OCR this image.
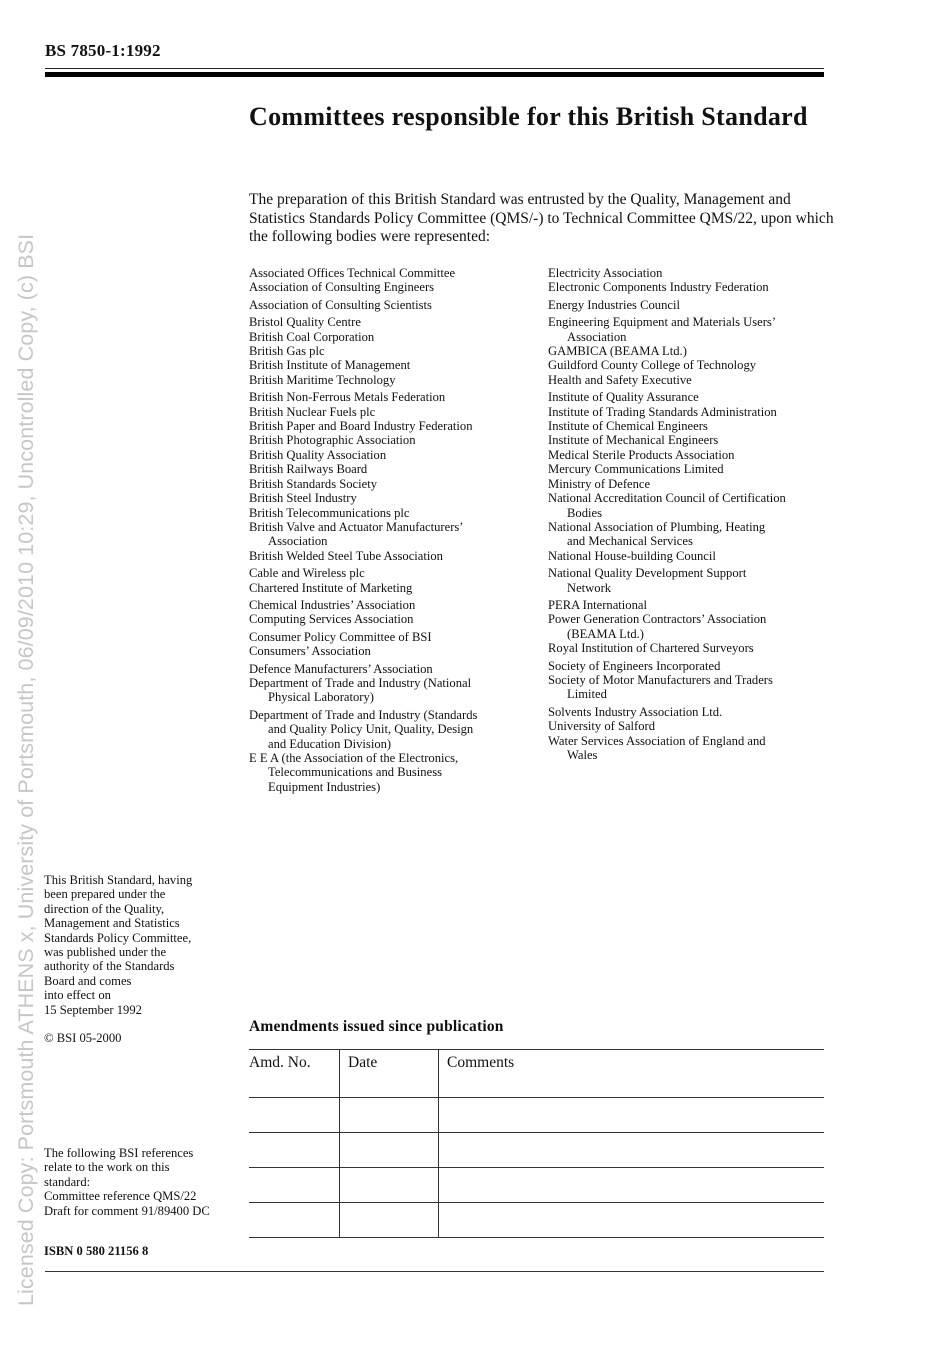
Licensed Copy: Portsmouth ATHENS x, University of Portsmouth, 06/09/2010 10:29, Uncontrolled Copy, (c) BSI
BS 7850-1:1992
Committees responsible for this British Standard

The preparation of this British Standard was entrusted by the Quality, Management and Statistics Standards Policy Committee (QMS/-) to Technical Committee QMS/22, upon which the following bodies were represented:

Associated Offices Technical Committee
Association of Consulting Engineers
Association of Consulting Scientists
Bristol Quality Centre
British Coal Corporation
British Gas plc
British Institute of Management
British Maritime Technology
British Non-Ferrous Metals Federation
British Nuclear Fuels plc
British Paper and Board Industry Federation
British Photographic Association
British Quality Association
British Railways Board
British Standards Society
British Steel Industry
British Telecommunications plc
British Valve and Actuator Manufacturers’
Association
British Welded Steel Tube Association
Cable and Wireless plc
Chartered Institute of Marketing
Chemical Industries’ Association
Computing Services Association
Consumer Policy Committee of BSI
Consumers’ Association
Defence Manufacturers’ Association
Department of Trade and Industry (National
Physical Laboratory)
Department of Trade and Industry (Standards
and Quality Policy Unit, Quality, Design
and Education Division)
E E A (the Association of the Electronics,
Telecommunications and Business
Equipment Industries)
Electricity Association
Electronic Components Industry Federation
Energy Industries Council
Engineering Equipment and Materials Users’
Association
GAMBICA (BEAMA Ltd.)
Guildford County College of Technology
Health and Safety Executive
Institute of Quality Assurance
Institute of Trading Standards Administration
Institute of Chemical Engineers
Institute of Mechanical Engineers
Medical Sterile Products Association
Mercury Communications Limited
Ministry of Defence
National Accreditation Council of Certification
Bodies
National Association of Plumbing, Heating
and Mechanical Services
National House-building Council
National Quality Development Support
Network
PERA International
Power Generation Contractors’ Association
(BEAMA Ltd.)
Royal Institution of Chartered Surveyors
Society of Engineers Incorporated
Society of Motor Manufacturers and Traders
Limited
Solvents Industry Association Ltd.
University of Salford
Water Services Association of England and
Wales
This British Standard, having
been prepared under the
direction of the Quality,
Management and Statistics
Standards Policy Committee,
was published under the
authority of the Standards
Board and comes
into effect on
15 September 1992
© BSI 05-2000
The following BSI references
relate to the work on this
standard:
Committee reference QMS/22
Draft for comment 91/89400 DC
ISBN 0 580 21156 8
Amendments issued since publication
Amd. No.	Date	Comments
